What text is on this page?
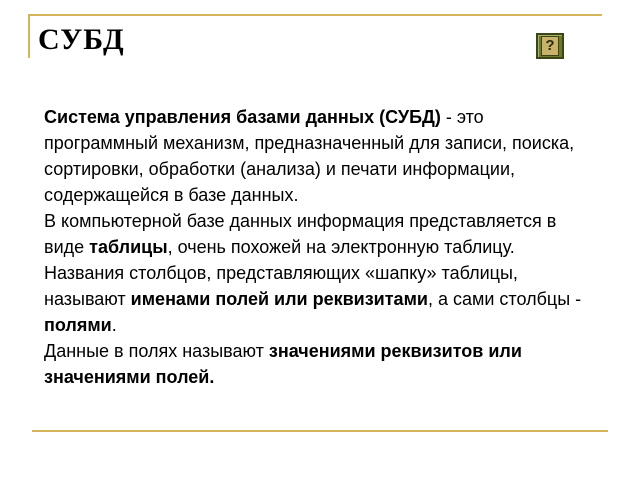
СУБД	?

Система управления базами данных (СУБД) - это программный механизм, предназначенный для записи, поиска, сортировки, обработки (анализа) и печати информации, содержащейся в базе данных.

В компьютерной базе данных информация представляется в виде таблицы, очень похожей на электронную таблицу.

Названия столбцов, представляющих «шапку» таблицы, называют именами полей или реквизитами, а сами столбцы - полями.

Данные в полях называют значениями реквизитов или значениями полей.
